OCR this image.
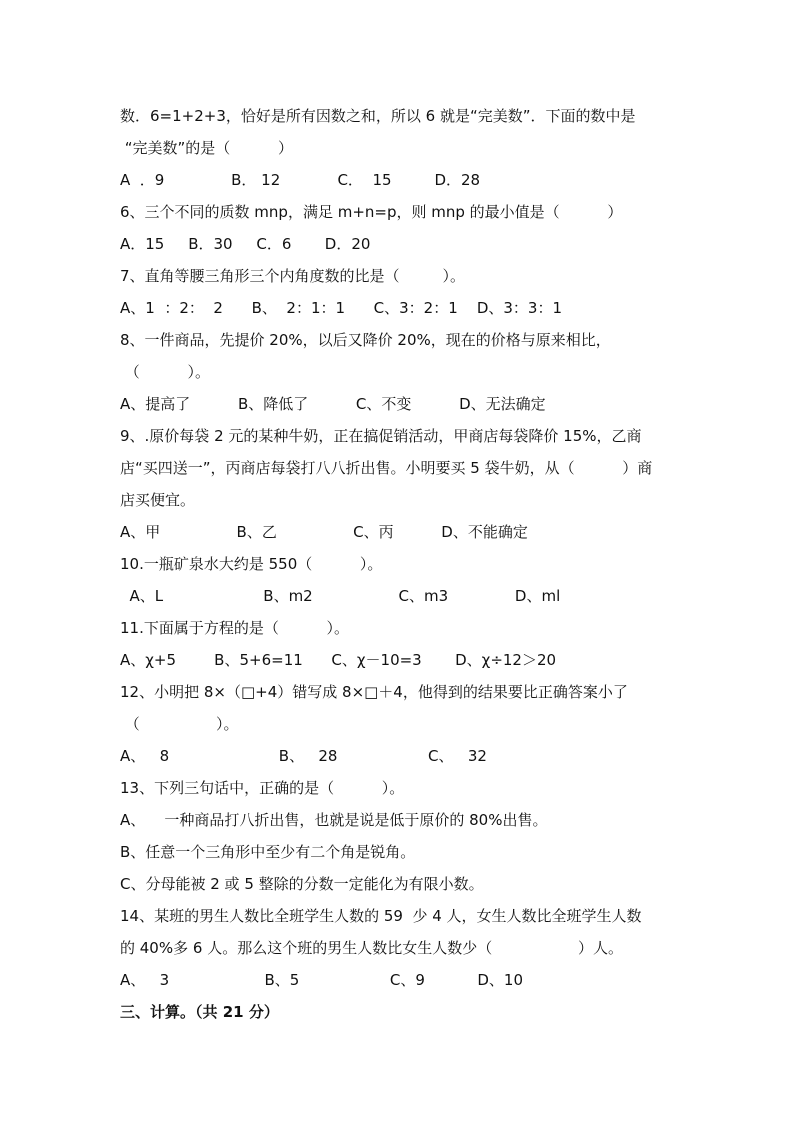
数．6=1+2+3，恰好是所有因数之和，所以 6 就是“完美数”．下面的数中是
“完美数”的是（          ）
A  ．9              B． 12            C．  15         D．28
6、三个不同的质数 mnp，满足 m+n=p，则 mnp 的最小值是（          ）
A．15     B．30     C．6       D．20
7、直角等腰三角形三个内角度数的比是（         ）。
A、1  ：2：  2      B、  2：1：1      C、3：2：1    D、3：3：1
8、一件商品，先提价 20%，以后又降价 20%，现在的价格与原来相比，
（          ）。
A、提高了          B、降低了          C、不变          D、无法确定
9、.原价每袋 2 元的某种牛奶，正在搞促销活动，甲商店每袋降价 15%，乙商
店“买四送一”，丙商店每袋打八八折出售。小明要买 5 袋牛奶，从（          ）商
店买便宜。
A、甲                B、乙                C、丙          D、不能确定
10.一瓶矿泉水大约是 550（          ）。
A、L                     B、m2                  C、m3              D、ml
11.下面属于方程的是（          ）。
A、χ+5        B、5+6=11      C、χ－10=3       D、χ÷12＞20
12、小明把 8×（□+4）错写成 8×□＋4，他得到的结果要比正确答案小了
（                ）。
A、   8                       B、   28                   C、   32
13、下列三句话中，正确的是（          ）。
A、    一种商品打八折出售，也就是说是低于原价的 80%出售。
B、任意一个三角形中至少有二个角是锐角。
C、分母能被 2 或 5 整除的分数一定能化为有限小数。
14、某班的男生人数比全班学生人数的 59  少 4 人，女生人数比全班学生人数
的 40%多 6 人。那么这个班的男生人数比女生人数少（                  ）人。
A、   3                    B、5                   C、9           D、10
三、计算。（共 21 分）
